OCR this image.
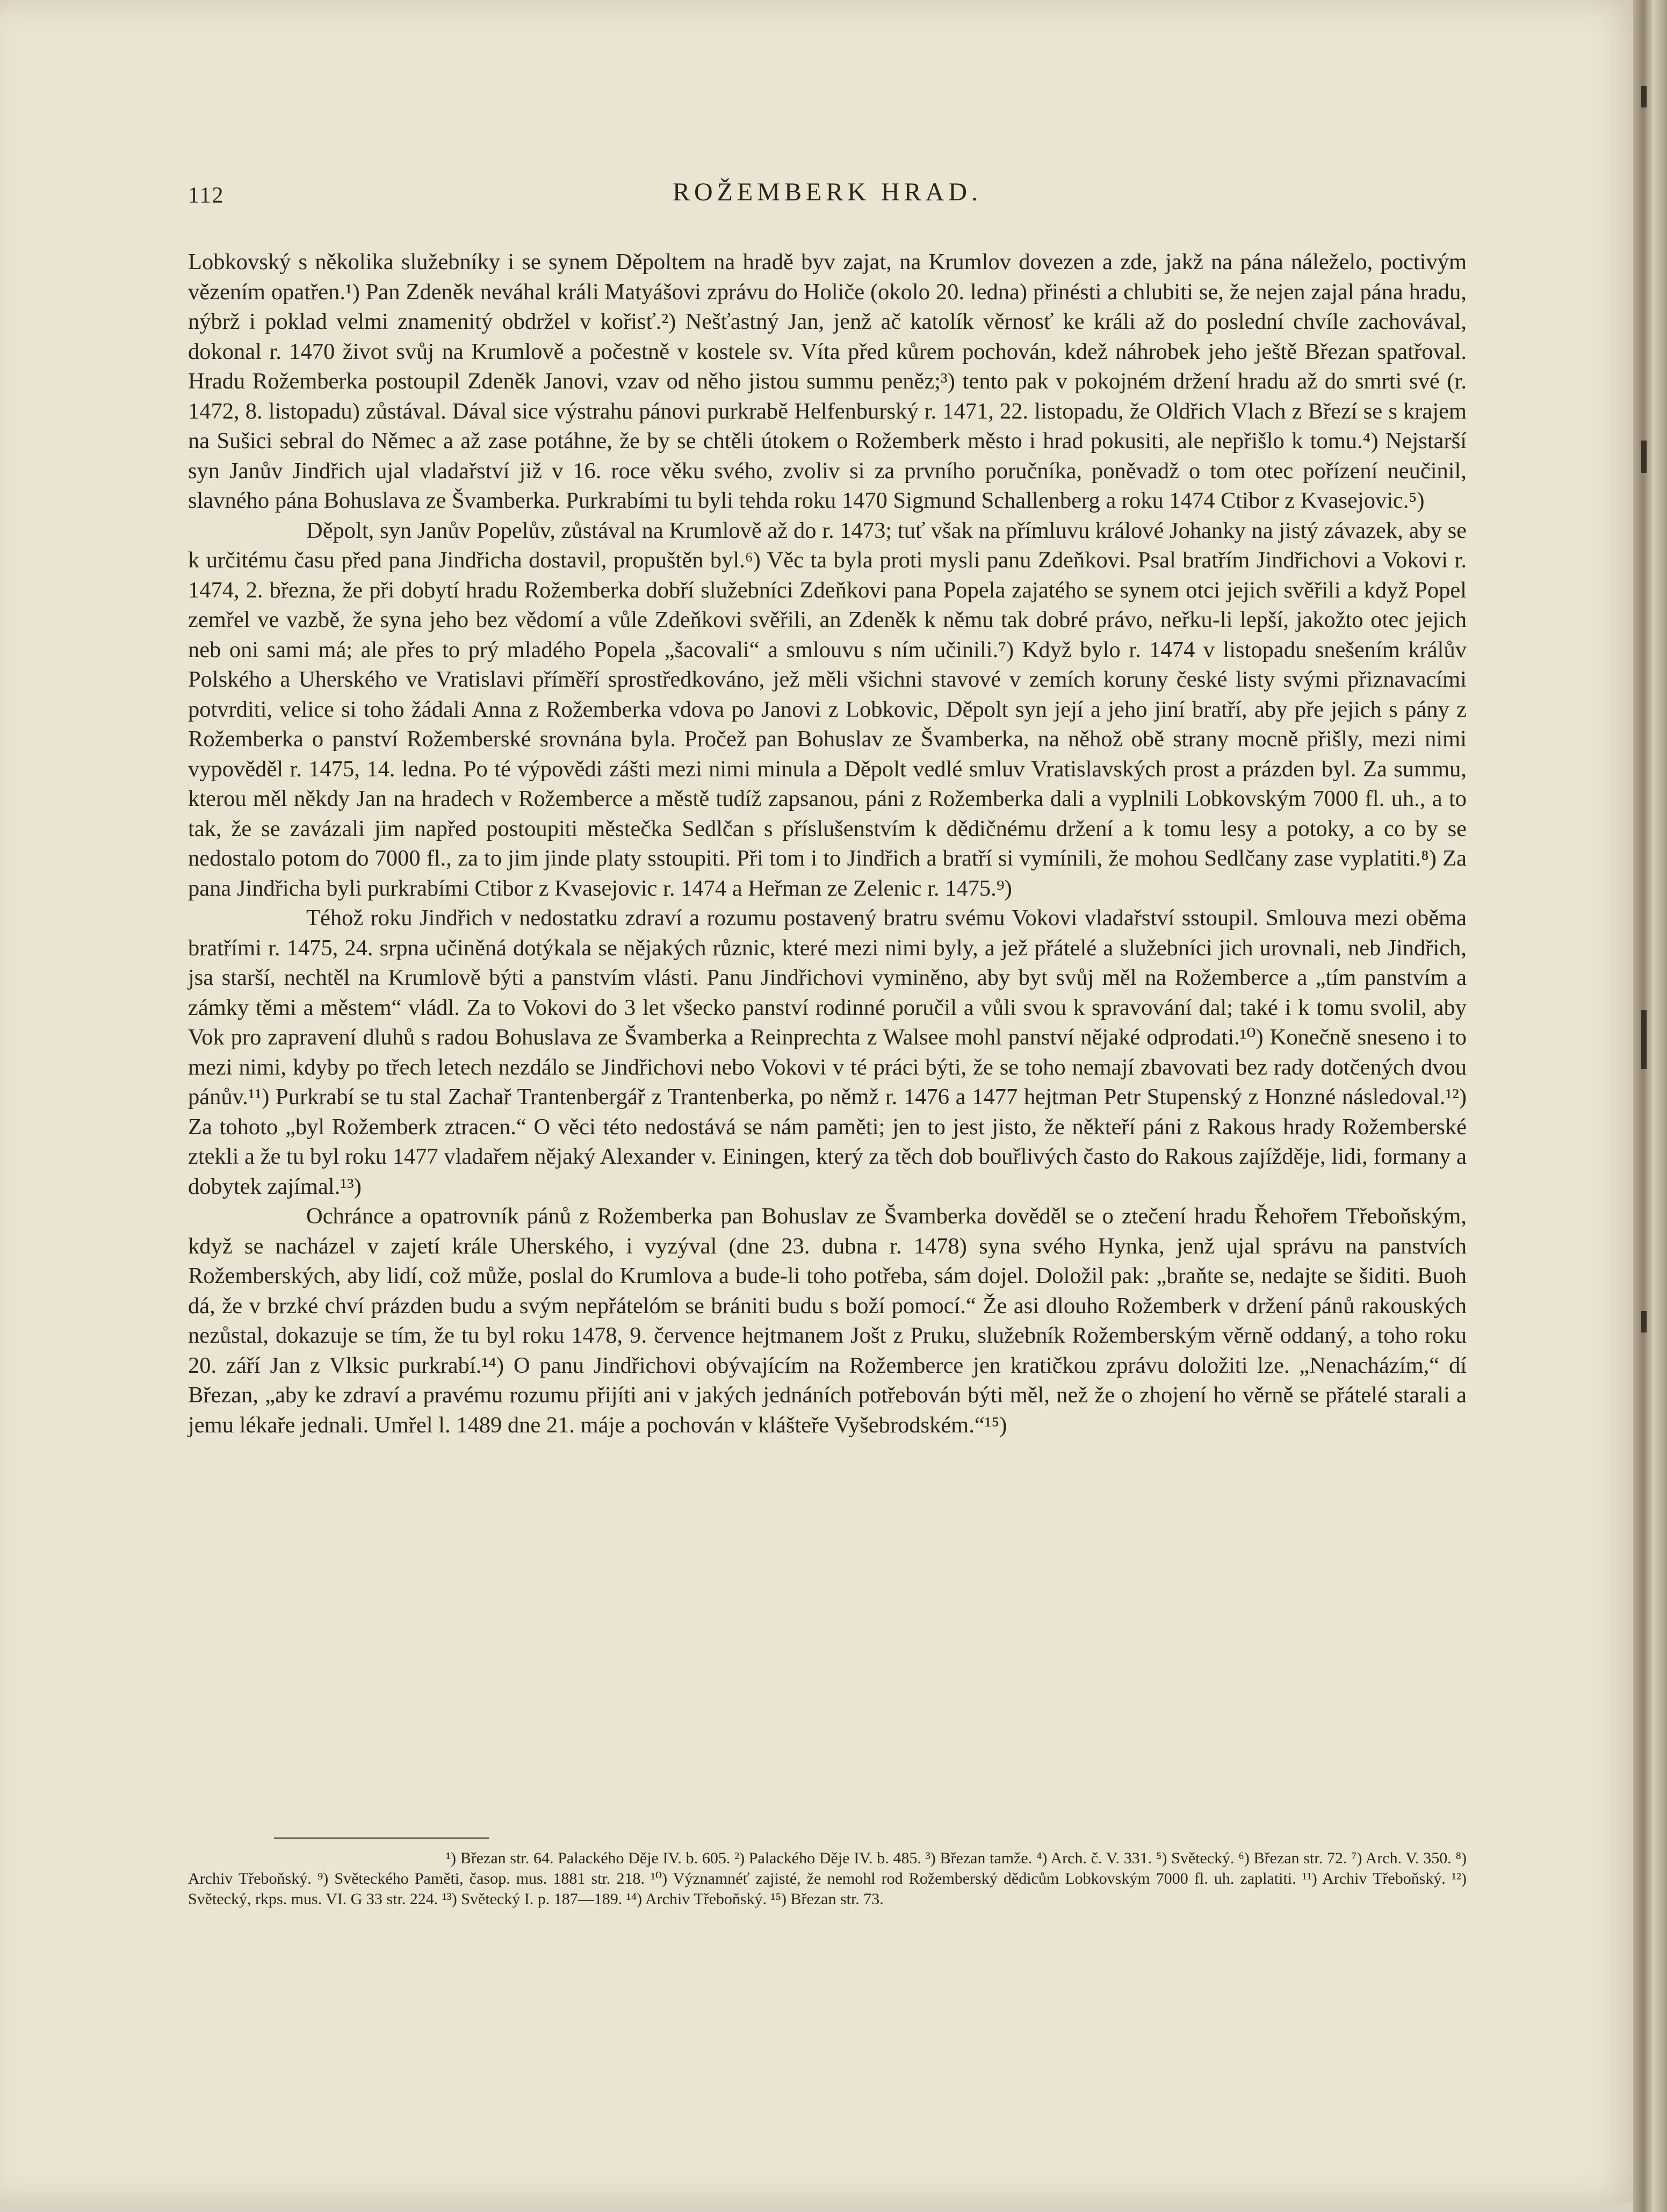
112	ROŽEMBERK HRAD.

Lobkovský s několika služebníky i se synem Děpoltem na hradě byv zajat, na Krumlov dovezen a zde, jakž na pána náleželo, poctivým vězením opatřen.¹) Pan Zdeněk neváhal králi Matyášovi zprávu do Holiče (okolo 20. ledna) přinésti a chlubiti se, že nejen zajal pána hradu, nýbrž i poklad velmi znamenitý obdržel v kořisť.²) Nešťastný Jan, jenž ač katolík věrnosť ke králi až do poslední chvíle zachovával, dokonal r. 1470 život svůj na Krumlově a počestně v kostele sv. Víta před kůrem pochován, kdež náhrobek jeho ještě Březan spatřoval. Hradu Rožemberka postoupil Zdeněk Janovi, vzav od něho jistou summu peněz;³) tento pak v pokojném držení hradu až do smrti své (r. 1472, 8. listopadu) zůstával. Dával sice výstrahu pánovi purkrabě Helfenburský r. 1471, 22. listopadu, že Oldřich Vlach z Březí se s krajem na Sušici sebral do Němec a až zase potáhne, že by se chtěli útokem o Rožemberk město i hrad pokusiti, ale nepřišlo k tomu.⁴) Nejstarší syn Janův Jindřich ujal vladařství již v 16. roce věku svého, zvoliv si za prvního poručníka, poněvadž o tom otec pořízení neučinil, slavného pána Bohuslava ze Švamberka. Purkrabími tu byli tehda roku 1470 Sigmund Schallenberg a roku 1474 Ctibor z Kvasejovic.⁵)

Děpolt, syn Janův Popelův, zůstával na Krumlově až do r. 1473; tuť však na přímluvu králové Johanky na jistý závazek, aby se k určitému času před pana Jindřicha dostavil, propuštěn byl.⁶) Věc ta byla proti mysli panu Zdeňkovi. Psal bratřím Jindřichovi a Vokovi r. 1474, 2. března, že při dobytí hradu Rožemberka dobří služebníci Zdeňkovi pana Popela zajatého se synem otci jejich svěřili a když Popel zemřel ve vazbě, že syna jeho bez vědomí a vůle Zdeňkovi svěřili, an Zdeněk k němu tak dobré právo, neřku-li lepší, jakožto otec jejich neb oni sami má; ale přes to prý mladého Popela „šacovali“ a smlouvu s ním učinili.⁷) Když bylo r. 1474 v listopadu snešením králův Polského a Uherského ve Vratislavi příměří sprostředkováno, jež měli všichni stavové v zemích koruny české listy svými přiznavacími potvrditi, velice si toho žádali Anna z Rožemberka vdova po Janovi z Lobkovic, Děpolt syn její a jeho jiní bratří, aby pře jejich s pány z Rožemberka o panství Rožemberské srovnána byla. Pročež pan Bohuslav ze Švamberka, na něhož obě strany mocně přišly, mezi nimi vypověděl r. 1475, 14. ledna. Po té výpovědi zášti mezi nimi minula a Děpolt vedlé smluv Vratislavských prost a prázden byl. Za summu, kterou měl někdy Jan na hradech v Rožemberce a městě tudíž zapsanou, páni z Rožemberka dali a vyplnili Lobkovským 7000 fl. uh., a to tak, že se zavázali jim napřed postoupiti městečka Sedlčan s příslušenstvím k dědičnému držení a k tomu lesy a potoky, a co by se nedostalo potom do 7000 fl., za to jim jinde platy sstoupiti. Při tom i to Jindřich a bratří si vymínili, že mohou Sedlčany zase vyplatiti.⁸) Za pana Jindřicha byli purkrabími Ctibor z Kvasejovic r. 1474 a Heřman ze Zelenic r. 1475.⁹)

Téhož roku Jindřich v nedostatku zdraví a rozumu postavený bratru svému Vokovi vladařství sstoupil. Smlouva mezi oběma bratřími r. 1475, 24. srpna učiněná dotýkala se nějakých různic, které mezi nimi byly, a jež přátelé a služebníci jich urovnali, neb Jindřich, jsa starší, nechtěl na Krumlově býti a panstvím vlásti. Panu Jindřichovi vyminěno, aby byt svůj měl na Rožemberce a „tím panstvím a zámky těmi a městem“ vládl. Za to Vokovi do 3 let všecko panství rodinné poručil a vůli svou k spravování dal; také i k tomu svolil, aby Vok pro zapravení dluhů s radou Bohuslava ze Švamberka a Reinprechta z Walsee mohl panství nějaké odprodati.¹⁰) Konečně sneseno i to mezi nimi, kdyby po třech letech nezdálo se Jindřichovi nebo Vokovi v té práci býti, že se toho nemají zbavovati bez rady dotčených dvou pánův.¹¹) Purkrabí se tu stal Zachař Trantenbergář z Trantenberka, po němž r. 1476 a 1477 hejtman Petr Stupenský z Honzné následoval.¹²) Za tohoto „byl Rožemberk ztracen.“ O věci této nedostává se nám paměti; jen to jest jisto, že někteří páni z Rakous hrady Rožemberské ztekli a že tu byl roku 1477 vladařem nějaký Alexander v. Einingen, který za těch dob bouřlivých často do Rakous zajížděje, lidi, formany a dobytek zajímal.¹³)

Ochránce a opatrovník pánů z Rožemberka pan Bohuslav ze Švamberka dověděl se o ztečení hradu Řehořem Třeboňským, když se nacházel v zajetí krále Uherského, i vyzýval (dne 23. dubna r. 1478) syna svého Hynka, jenž ujal správu na panstvích Rožemberských, aby lidí, což může, poslal do Krumlova a bude-li toho potřeba, sám dojel. Doložil pak: „braňte se, nedajte se šiditi. Buoh dá, že v brzké chví prázden budu a svým nepřátelóm se brániti budu s boží pomocí.“ Že asi dlouho Rožemberk v držení pánů rakouských nezůstal, dokazuje se tím, že tu byl roku 1478, 9. července hejtmanem Jošt z Pruku, služebník Rožemberským věrně oddaný, a toho roku 20. září Jan z Vlksic purkrabí.¹⁴) O panu Jindřichovi obývajícím na Rožemberce jen kratičkou zprávu doložiti lze. „Nenacházím,“ dí Březan, „aby ke zdraví a pravému rozumu přijíti ani v jakých jednáních potřebován býti měl, než že o zhojení ho věrně se přátelé starali a jemu lékaře jednali. Umřel l. 1489 dne 21. máje a pochován v klášteře Vyšebrodském.“¹⁵)

¹) Březan str. 64. Palackého Děje IV. b. 605. ²) Palackého Děje IV. b. 485. ³) Březan tamže. ⁴) Arch. č. V. 331. ⁵) Světecký. ⁶) Březan str. 72. ⁷) Arch. V. 350. ⁸) Archiv Třeboňský. ⁹) Světeckého Paměti, časop. mus. 1881 str. 218. ¹⁰) Významnéť zajisté, že nemohl rod Rožemberský dědicům Lobkovským 7000 fl. uh. zaplatiti. ¹¹) Archiv Třeboňský. ¹²) Světecký, rkps. mus. VI. G 33 str. 224. ¹³) Světecký I. p. 187—189. ¹⁴) Archiv Třeboňský. ¹⁵) Březan str. 73.
